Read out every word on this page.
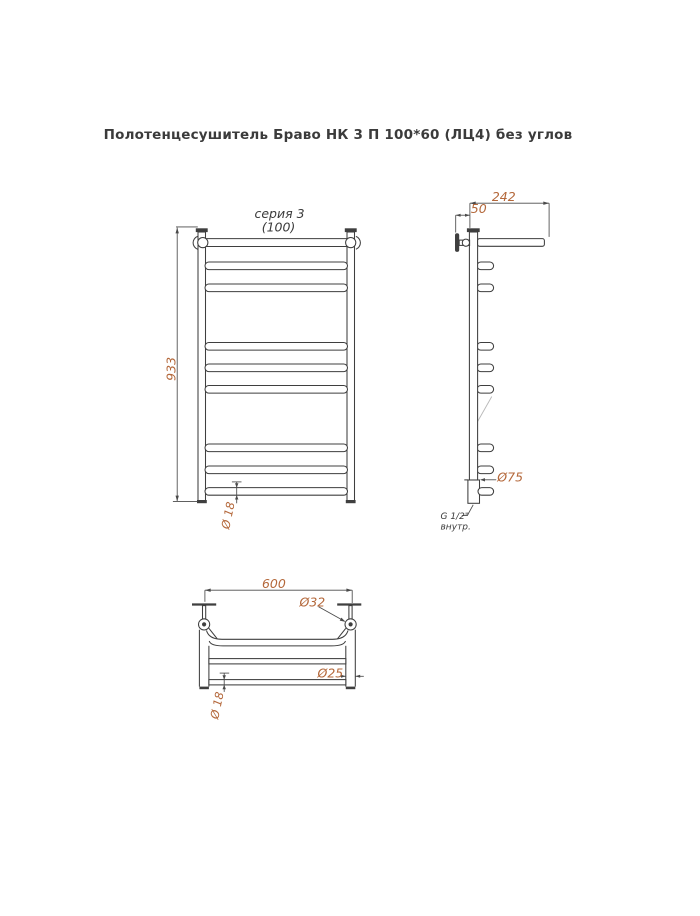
Полотенцесушитель Браво НК 3 П 100*60 (ЛЦ4) без углов
серия 3
(100)
933
Ø 18
242
50
Ø75
G 1/2"
внутр.
600
Ø32
Ø25
Ø 18
